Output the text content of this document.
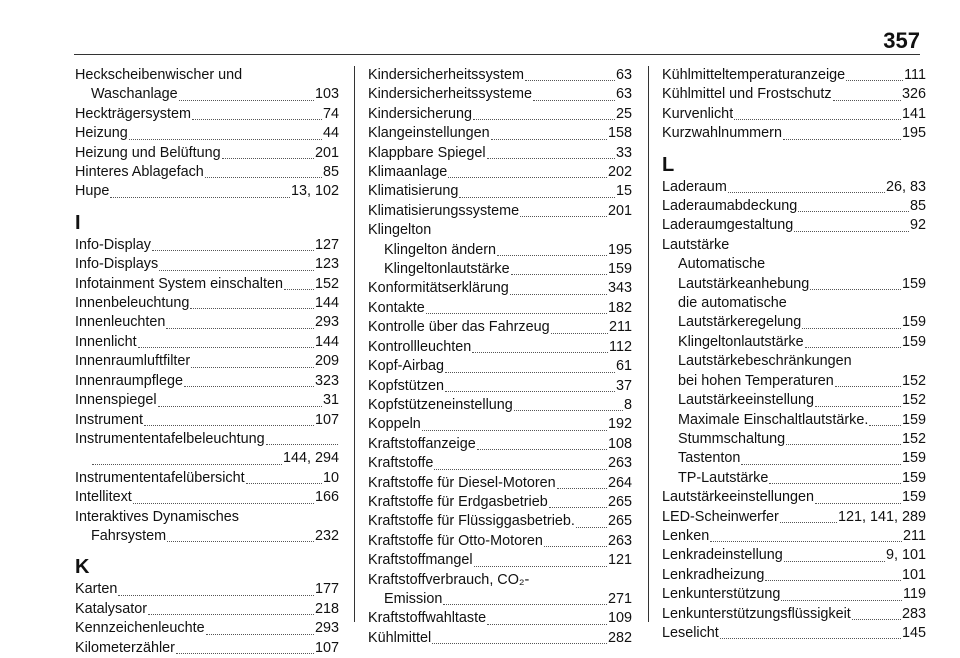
357
Heckscheibenwischer und
Waschanlage	103
Heckträgersystem	74
Heizung	44
Heizung und Belüftung	201
Hinteres Ablagefach	85
Hupe	13, 102
I
Info-Display	127
Info-Displays	123
Infotainment System einschalten 152
Innenbeleuchtung	144
Innenleuchten	293
Innenlicht	144
Innenraumluftfilter	209
Innenraumpflege	323
Innenspiegel	31
Instrument	107
Instrumententafelbeleuchtung
144, 294
Instrumententafelübersicht	10
Intellitext	166
Interaktives Dynamisches
Fahrsystem	232
K
Karten	177
Katalysator	218
Kennzeichenleuchte	293
Kilometerzähler	107
Kindersicherheitssystem	63
Kindersicherheitssysteme	63
Kindersicherung	25
Klangeinstellungen	158
Klappbare Spiegel	33
Klimaanlage	202
Klimatisierung	15
Klimatisierungssysteme	201
Klingelton
Klingelton ändern	195
Klingeltonlautstärke	159
Konformitätserklärung	343
Kontakte	182
Kontrolle über das Fahrzeug	211
Kontrollleuchten	112
Kopf-Airbag	61
Kopfstützen	37
Kopfstützeneinstellung	8
Koppeln	192
Kraftstoffanzeige	108
Kraftstoffe	263
Kraftstoffe für Diesel-Motoren	264
Kraftstoffe für Erdgasbetrieb	265
Kraftstoffe für Flüssiggasbetrieb. 265
Kraftstoffe für Otto-Motoren	263
Kraftstoffmangel	121
Kraftstoffverbrauch, CO₂-
Emission	271
Kraftstoffwahltaste	109
Kühlmittel	282
Kühlmitteltemperaturanzeige	111
Kühlmittel und Frostschutz	326
Kurvenlicht	141
Kurzwahlnummern	195
L
Laderaum	26, 83
Laderaumabdeckung	85
Laderaumgestaltung	92
Lautstärke
Automatische
Lautstärkeanhebung	159
die automatische
Lautstärkeregelung	159
Klingeltonlautstärke	159
Lautstärkebeschränkungen
bei hohen Temperaturen	152
Lautstärkeeinstellung	152
Maximale Einschaltlautstärke. 159
Stummschaltung	152
Tastenton	159
TP-Lautstärke	159
Lautstärkeeinstellungen	159
LED-Scheinwerfer	121, 141, 289
Lenken	211
Lenkradeinstellung	9, 101
Lenkradheizung	101
Lenkunterstützung	119
Lenkunterstützungsflüssigkeit	283
Leselicht	145
